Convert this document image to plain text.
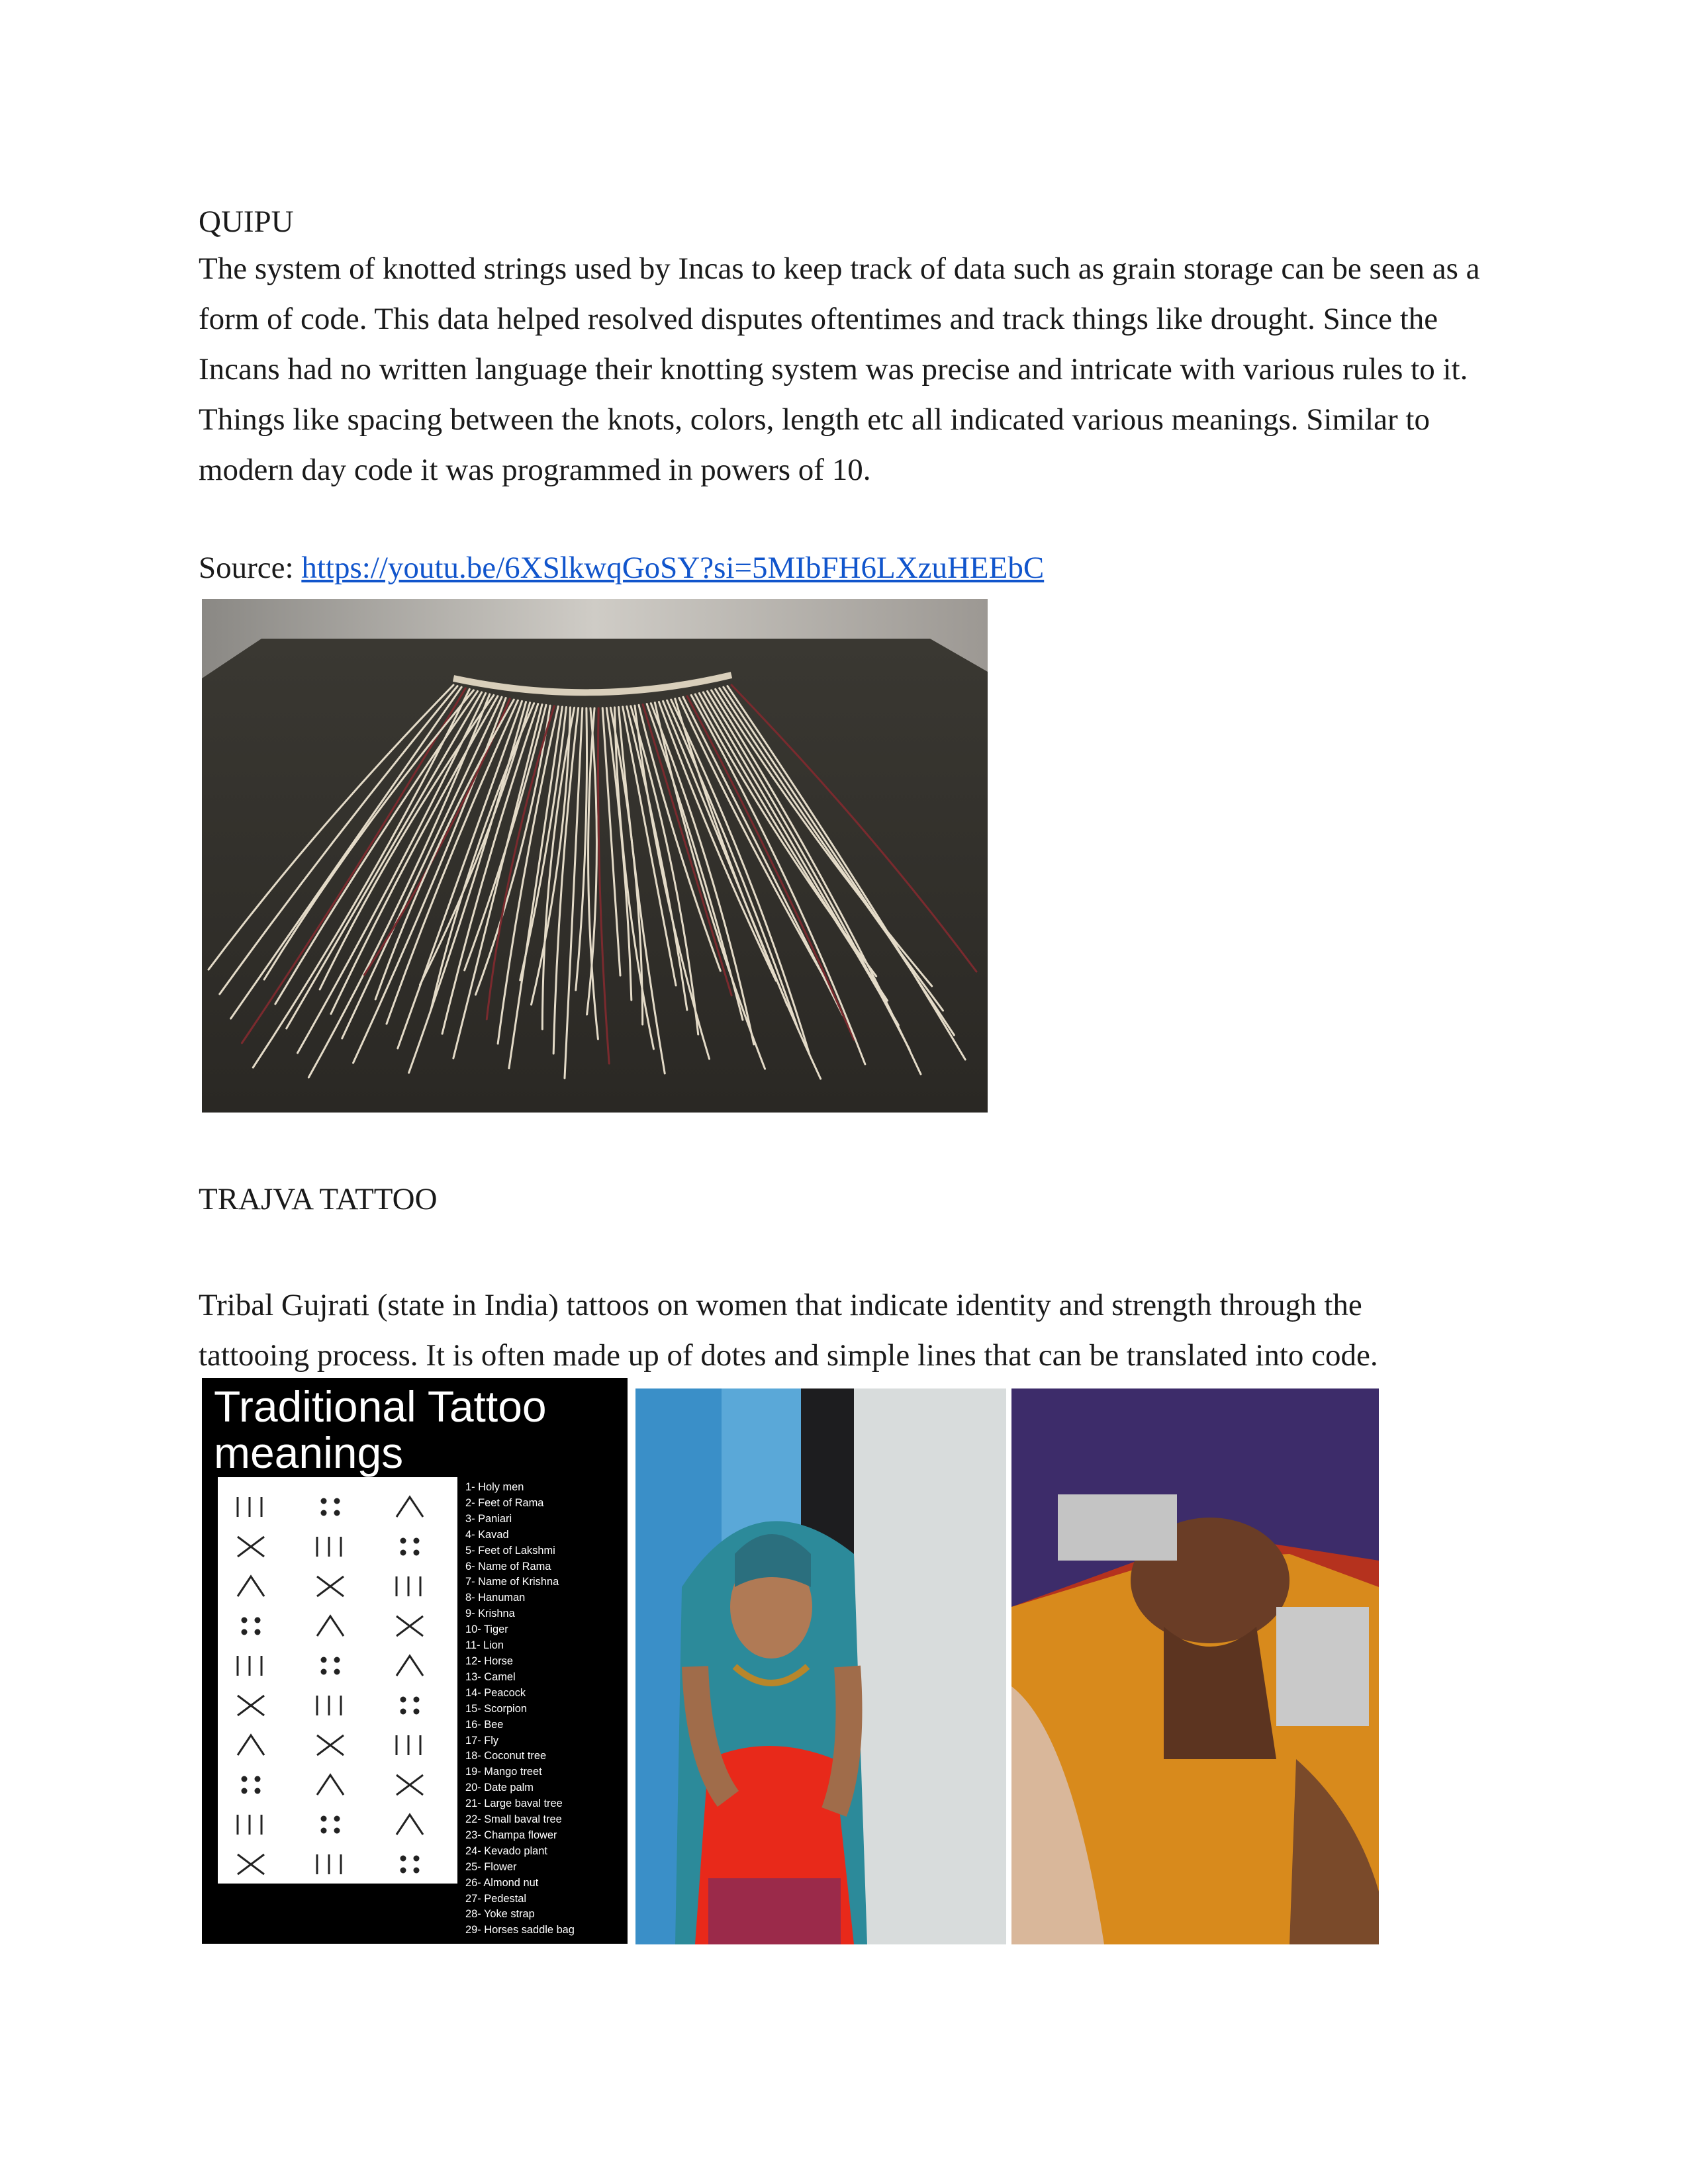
QUIPU

The system of knotted strings used by Incas to keep track of data such as grain storage can be seen as a

form of code. This data helped resolved disputes oftentimes and track things like drought. Since the

Incans had no written language their knotting system was precise and intricate with various rules to it.

Things like spacing between the knots, colors, length etc all indicated various meanings. Similar to

modern day code it was programmed in powers of 10.

Source: https://youtu.be/6XSlkwqGoSY?si=5MIbFH6LXzuHEEbC
TRAJVA TATTOO

Tribal Gujrati (state in India) tattoos on women that indicate identity and strength through the

tattooing process. It is often made up of dotes and simple lines that can be translated into code.

Traditional Tattoo
meanings
1- Holy men
2- Feet of Rama
3- Paniari
4- Kavad
5- Feet of Lakshmi
6- Name of Rama
7- Name of Krishna
8- Hanuman
9- Krishna
10- Tiger
11- Lion
12- Horse
13- Camel
14- Peacock
15- Scorpion
16- Bee
17- Fly
18- Coconut tree
19- Mango treet
20- Date palm
21- Large baval tree
22- Small baval tree
23- Champa flower
24- Kevado plant
25- Flower
26- Almond nut
27- Pedestal
28- Yoke strap
29- Horses saddle bag
